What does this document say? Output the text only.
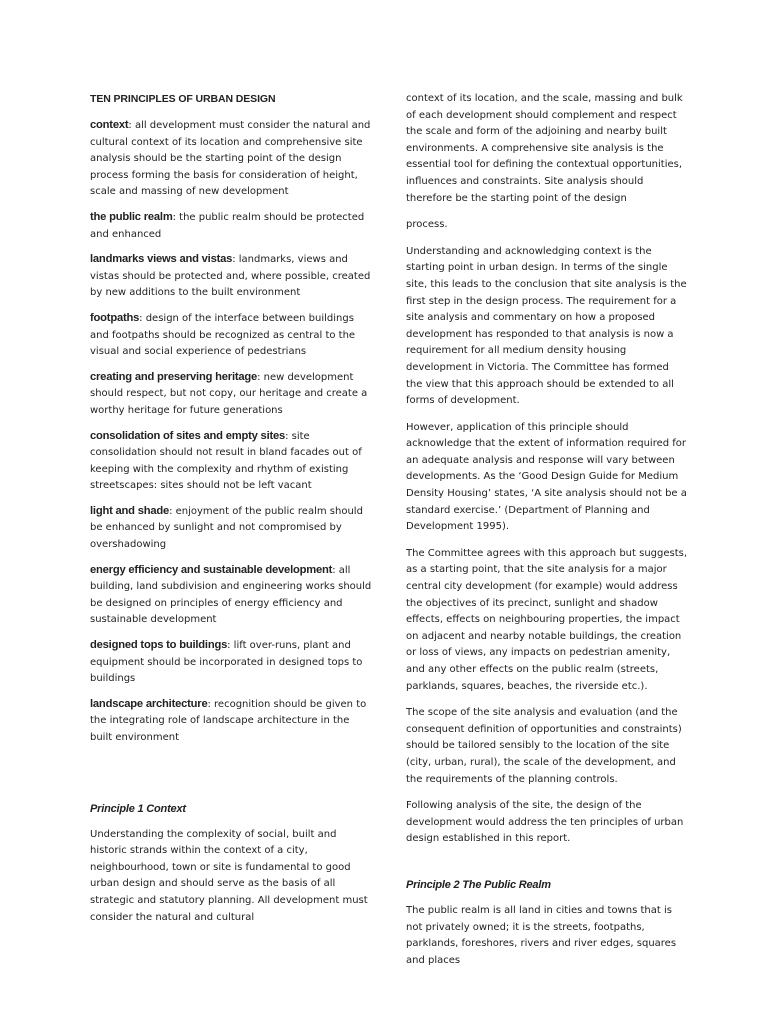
TEN PRINCIPLES OF URBAN DESIGN
context: all development must consider the natural and cultural context of its location and comprehensive site analysis should be the starting point of the design process forming the basis for consideration of height, scale and massing of new development
the public realm: the public realm should be protected and enhanced
landmarks views and vistas: landmarks, views and vistas should be protected and, where possible, created by new additions to the built environment
footpaths: design of the interface between buildings and footpaths should be recognized as central to the visual and social experience of pedestrians
creating and preserving heritage: new development should respect, but not copy, our heritage and create a worthy heritage for future generations
consolidation of sites and empty sites: site consolidation should not result in bland facades out of keeping with the complexity and rhythm of existing streetscapes: sites should not be left vacant
light and shade: enjoyment of the public realm should be enhanced by sunlight and not compromised by overshadowing
energy efficiency and sustainable development: all building, land subdivision and engineering works should be designed on principles of energy efficiency and sustainable development
designed tops to buildings: lift over-runs, plant and equipment should be incorporated in designed tops to buildings
landscape architecture: recognition should be given to the integrating role of landscape architecture in the built environment
Principle 1 Context
Understanding the complexity of social, built and historic strands within the context of a city, neighbourhood, town or site is fundamental to good urban design and should serve as the basis of all strategic and statutory planning. All development must consider the natural and cultural
context of its location, and the scale, massing and bulk of each development should complement and respect the scale and form of the adjoining and nearby built environments. A comprehensive site analysis is the essential tool for defining the contextual opportunities, influences and constraints. Site analysis should therefore be the starting point of the design
process.
Understanding and acknowledging context is the starting point in urban design. In terms of the single site, this leads to the conclusion that site analysis is the first step in the design process. The requirement for a site analysis and commentary on how a proposed development has responded to that analysis is now a requirement for all medium density housing development in Victoria. The Committee has formed the view that this approach should be extended to all forms of development.
However, application of this principle should acknowledge that the extent of information required for an adequate analysis and response will vary between developments. As the ‘Good Design Guide for Medium Density Housing’ states, ‘A site analysis should not be a standard exercise.’ (Department of Planning and Development 1995).
The Committee agrees with this approach but suggests, as a starting point, that the site analysis for a major central city development (for example) would address the objectives of its precinct, sunlight and shadow effects, effects on neighbouring properties, the impact on adjacent and nearby notable buildings, the creation or loss of views, any impacts on pedestrian amenity, and any other effects on the public realm (streets, parklands, squares, beaches, the riverside etc.).
The scope of the site analysis and evaluation (and the consequent definition of opportunities and constraints) should be tailored sensibly to the location of the site (city, urban, rural), the scale of the development, and the requirements of the planning controls.
Following analysis of the site, the design of the development would address the ten principles of urban design established in this report.
Principle 2 The Public Realm
The public realm is all land in cities and towns that is not privately owned; it is the streets, footpaths, parklands, foreshores, rivers and river edges, squares and places
